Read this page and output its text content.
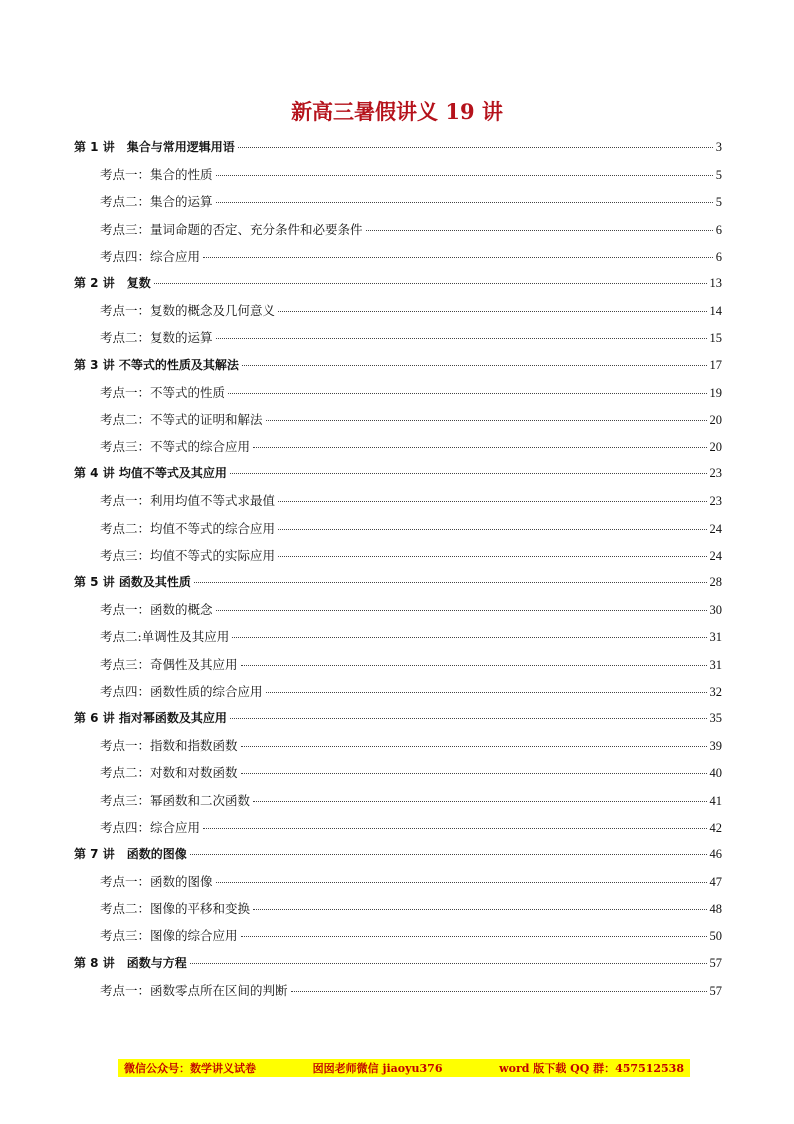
新高三暑假讲义 19 讲
第 1 讲　集合与常用逻辑用语	3
考点一：集合的性质	5
考点二：集合的运算	5
考点三：量词命题的否定、充分条件和必要条件	6
考点四：综合应用	6
第 2 讲　复数	13
考点一：复数的概念及几何意义	14
考点二：复数的运算	15
第 3 讲 不等式的性质及其解法	17
考点一：不等式的性质	19
考点二：不等式的证明和解法	20
考点三：不等式的综合应用	20
第 4 讲 均值不等式及其应用	23
考点一：利用均值不等式求最值	23
考点二：均值不等式的综合应用	24
考点三：均值不等式的实际应用	24
第 5 讲 函数及其性质	28
考点一：函数的概念	30
考点二:单调性及其应用	31
考点三：奇偶性及其应用	31
考点四：函数性质的综合应用	32
第 6 讲 指对幂函数及其应用	35
考点一：指数和指数函数	39
考点二：对数和对数函数	40
考点三：幂函数和二次函数	41
考点四：综合应用	42
第 7 讲　函数的图像	46
考点一：函数的图像	47
考点二：图像的平移和变换	48
考点三：图像的综合应用	50
第 8 讲　函数与方程	57
考点一：函数零点所在区间的判断	57
微信公众号：数学讲义试卷	囡囡老师微信 jiaoyu376	word 版下载 QQ 群：457512538
